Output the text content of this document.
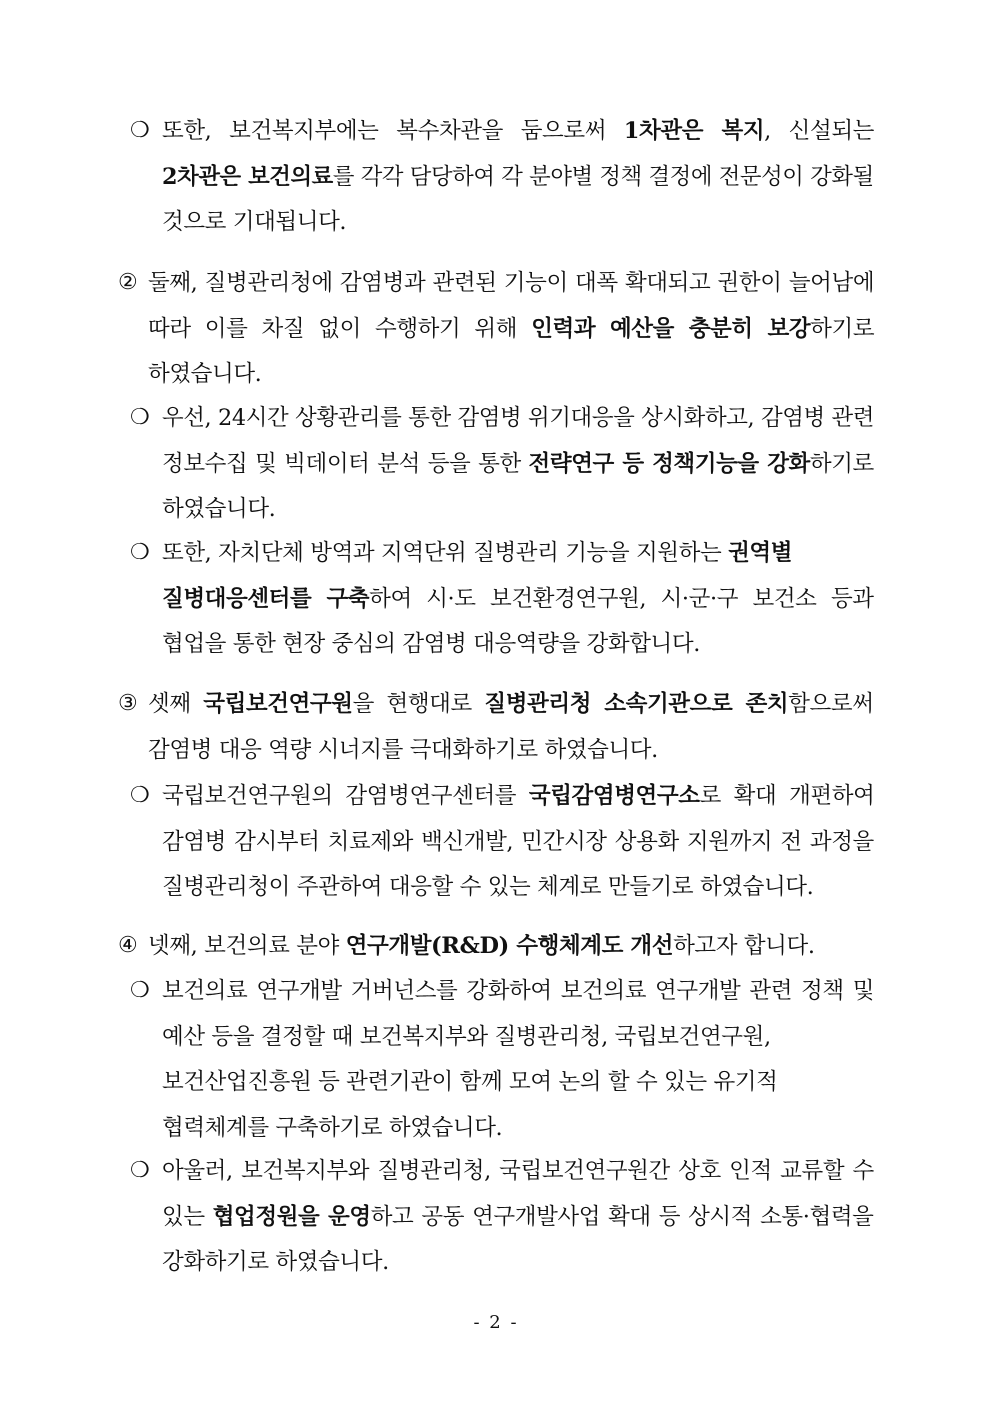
❍ 또한, 보건복지부에는 복수차관을 둠으로써 1차관은 복지, 신설되는
2차관은 보건의료를 각각 담당하여 각 분야별 정책 결정에 전문성이 강화될
것으로 기대됩니다.
② 둘째, 질병관리청에 감염병과 관련된 기능이 대폭 확대되고 권한이 늘어남에
따라 이를 차질 없이 수행하기 위해 인력과 예산을 충분히 보강하기로
하였습니다.
❍ 우선, 24시간 상황관리를 통한 감염병 위기대응을 상시화하고, 감염병 관련
정보수집 및 빅데이터 분석 등을 통한 전략연구 등 정책기능을 강화하기로
하였습니다.
❍ 또한, 자치단체 방역과 지역단위 질병관리 기능을 지원하는 권역별
질병대응센터를 구축하여 시·도 보건환경연구원, 시·군·구 보건소 등과
협업을 통한 현장 중심의 감염병 대응역량을 강화합니다.
③ 셋째 국립보건연구원을 현행대로 질병관리청 소속기관으로 존치함으로써
감염병 대응 역량 시너지를 극대화하기로 하였습니다.
❍ 국립보건연구원의 감염병연구센터를 국립감염병연구소로 확대 개편하여
감염병 감시부터 치료제와 백신개발, 민간시장 상용화 지원까지 전 과정을
질병관리청이 주관하여 대응할 수 있는 체계로 만들기로 하였습니다.
④ 넷째, 보건의료 분야 연구개발(R&D) 수행체계도 개선하고자 합니다.
❍ 보건의료 연구개발 거버넌스를 강화하여 보건의료 연구개발 관련 정책 및
예산 등을 결정할 때 보건복지부와 질병관리청, 국립보건연구원,
보건산업진흥원 등 관련기관이 함께 모여 논의 할 수 있는 유기적
협력체계를 구축하기로 하였습니다.
❍ 아울러, 보건복지부와 질병관리청, 국립보건연구원간 상호 인적 교류할 수
있는 협업정원을 운영하고 공동 연구개발사업 확대 등 상시적 소통·협력을
강화하기로 하였습니다.
- 2 -
